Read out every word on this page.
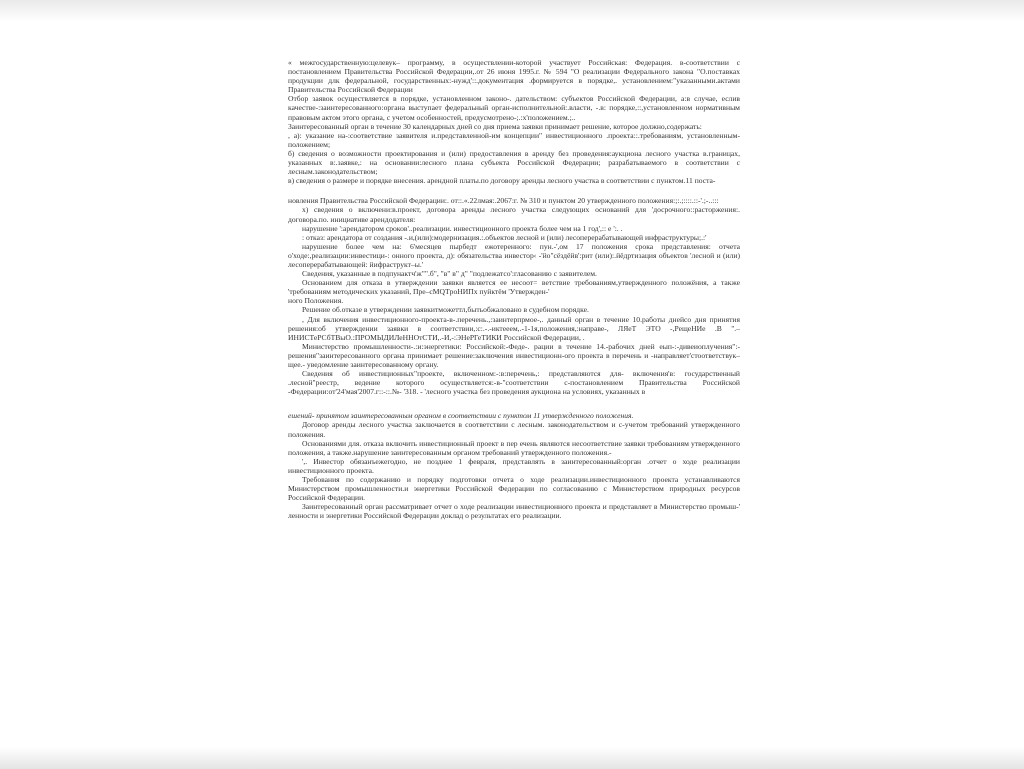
« межгосударственную:целевук– программу, в осуществлении-которой участвует Российская: Федерация. в-соответствии с постановлением Правительства Российской Федерации,.от 26 июня 1995.г. № 594 "О реализации Федерального закона "О.поставках продукции длк федеральной, государственных:-нужд'::.документация .формируется в порядке,. установлением:"указанными.актами Правительства Российской Федерации

Отбор заявок осуществляется в порядке, установленном законо-. дательством: субъектов Российской Федерации, а:в случае, еслив качестве-:заинтересованного:органа выступает федеральный орган-исполнительной:.власти, -.в: порядке,::,установленном нормативным правовым актом этого органа, с учетом особенностей, предусмотрено-;.:х'положением.;..

Заинтересованный орган в течение 30 календарных дней со дня приема заявки принимает решение, которое должно,содержать:

, а): указание на-:соответствие заявителя и.представленной-им концепции" инвестиционного .проекта::.требованиям, установленным-положением;

б) сведения о возможности проектирования и (или) предоставления в аренду без проведения:аукциона лесного участка в.границах, указанных в:.заявке,: на основании:лесного плана субъекта Российской Федерации; разрабатываемого в соответствии с лесным.законодательством;

в) сведения о размере и порядке внесения. арендной платы.по договору аренды лесного участка в соответствии с пунктом.11 поста-

новления Правительства Российской Федерации:. от::.«.22лмая:.2067:г. № 310 и пунктом 20 утвержденного положения:;:.;::::.::-'.;-..:::

х) сведения о включени:в.проект, договора аренды лесного участка следующих оснований для 'досрочного::расторжения:. договора.по. инициативе арендодателя:

нарушение ':арендатором сроков'..реализации. инвестиционного проекта более чем на 1 год',:: е ':. .

: отказ: арендатора от создания -.и,(или):модернизация.:.объектов лесной и (или) лесоперерабатывающей инфраструктуры;.:'

нарушение более чем на: 6'месяцев пырбедт ежотеренного: пун.-',ом 17 положения срока представления: отчета о'ходе:,реализации:инвестици-: онного проекта, д): обязательства инвестор‹ -'йо"сёздёйв':рит (или):.йёдртизация объектов 'лесной и (или) лесоперерабатывающей: йифраструкт–ы.'

Сведения, указанные в подпунактч'ж"".б", "в" в" д" "подлежатсо':гласованию с заявителем.

Основанием для отказа в утверждении заявки является ее несоот= ветствие требованиям,утвержденного положёния, а также 'требованиям методических указаний, Пре–сМQTроНИПх пуйктём 'Утвержден-'

ного Положения.

Решение об.отказе в утверждении заявкитможеттл,бытьобжаловано в судебном порядке.

, Для включения инвестиционного-проекта-в-.перечень.,:заинтерпрмое-,. данный орган в течение 10.работы днейсо дня принятия решения:об утверждении заявки в соответствии,:с:.-.-иктееем,.-1-1я,положения,:направе-, ЛЯеТ ЭТО -,РещеНИе .В ".–ИНИСТеРСбТВыО.:ПРОМЫДИЛеННОтСТИ,.-И,-:ЭНеРГеТИКИ Российской Федерации, .

Министерство промышленности-.:и:энергетики: Российской:-Феде-. рации в течение 14.-рабочих дней еып-:-дивеиоплучения":-решения"заинтересованного органа принимает решение:заключения инвестиционн-ого проекта в перечень и -направляет'стоответствук–щее.- уведомление заинтересованному органу.

Сведения об инвестиционных"проекте, включенном:-:в:перечень,: представляются для- включения'в: государственный .лесной"реестр, ведение которого осуществляется:-в-"соответствии с-постановлением Правительства Российской -Федерации:от'24'мая'2007.г::-::.№- '318. - 'лесного участка без проведения аукциона на условиях, указанных в

ешений- принятом заинтересованным органом в соответствии с пунктом 11 утвержденного положения.

Договор аренды лесного участка заключается в соответствии с лесным. законодательством и с-учетом требований утвержденного положения.

Основаниями для. отказа включить инвестиционный проект в пер ечень являются несоответствие заявки требованиям утвержденного положения, а также.нарушение заинтересованным органом требований утвержденного положения.-

',. Инвестор обязанъежегодно, не позднее 1 февраля, представлять в заинтересованный:орган .отчет о ходе реализации инвестиционного проекта.

Требования по содержанию и порядку подготовки отчета о ходе реализации.инвестиционного проекта устанавливаются Министерством промышленности.и энергетики Российской Федерации по согласованию с Министерством природных ресурсов Российской Федерации.

Заинтересованный орган рассматривает отчет о ходе реализации инвестиционного проекта и представляет в Министерство промыш-' ленности и энергетики Российской Федерации доклад о результатах его реализации.
